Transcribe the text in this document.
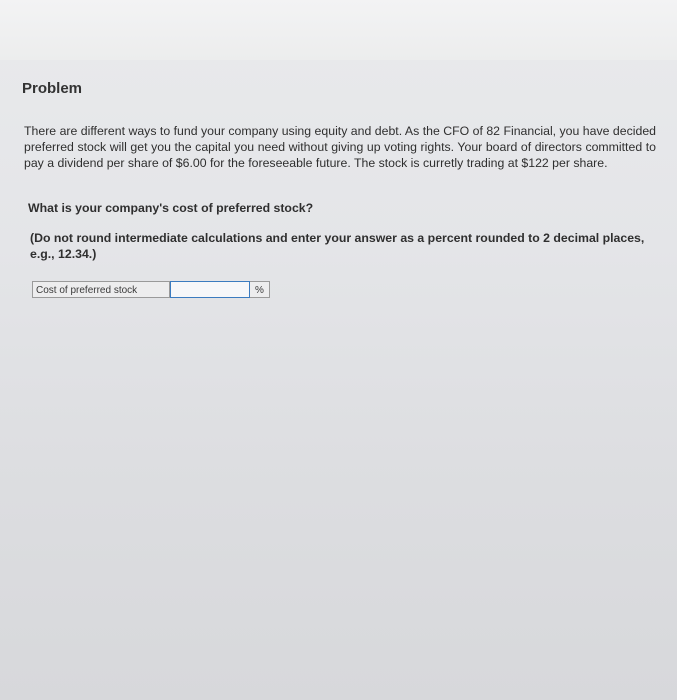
Problem
There are different ways to fund your company using equity and debt. As the CFO of 82 Financial, you have decided preferred stock will get you the capital you need without giving up voting rights. Your board of directors committed to pay a dividend per share of $6.00 for the foreseeable future. The stock is curretly trading at $122 per share.
What is your company's cost of preferred stock?
(Do not round intermediate calculations and enter your answer as a percent rounded to 2 decimal places, e.g., 12.34.)
Cost of preferred stock	%
